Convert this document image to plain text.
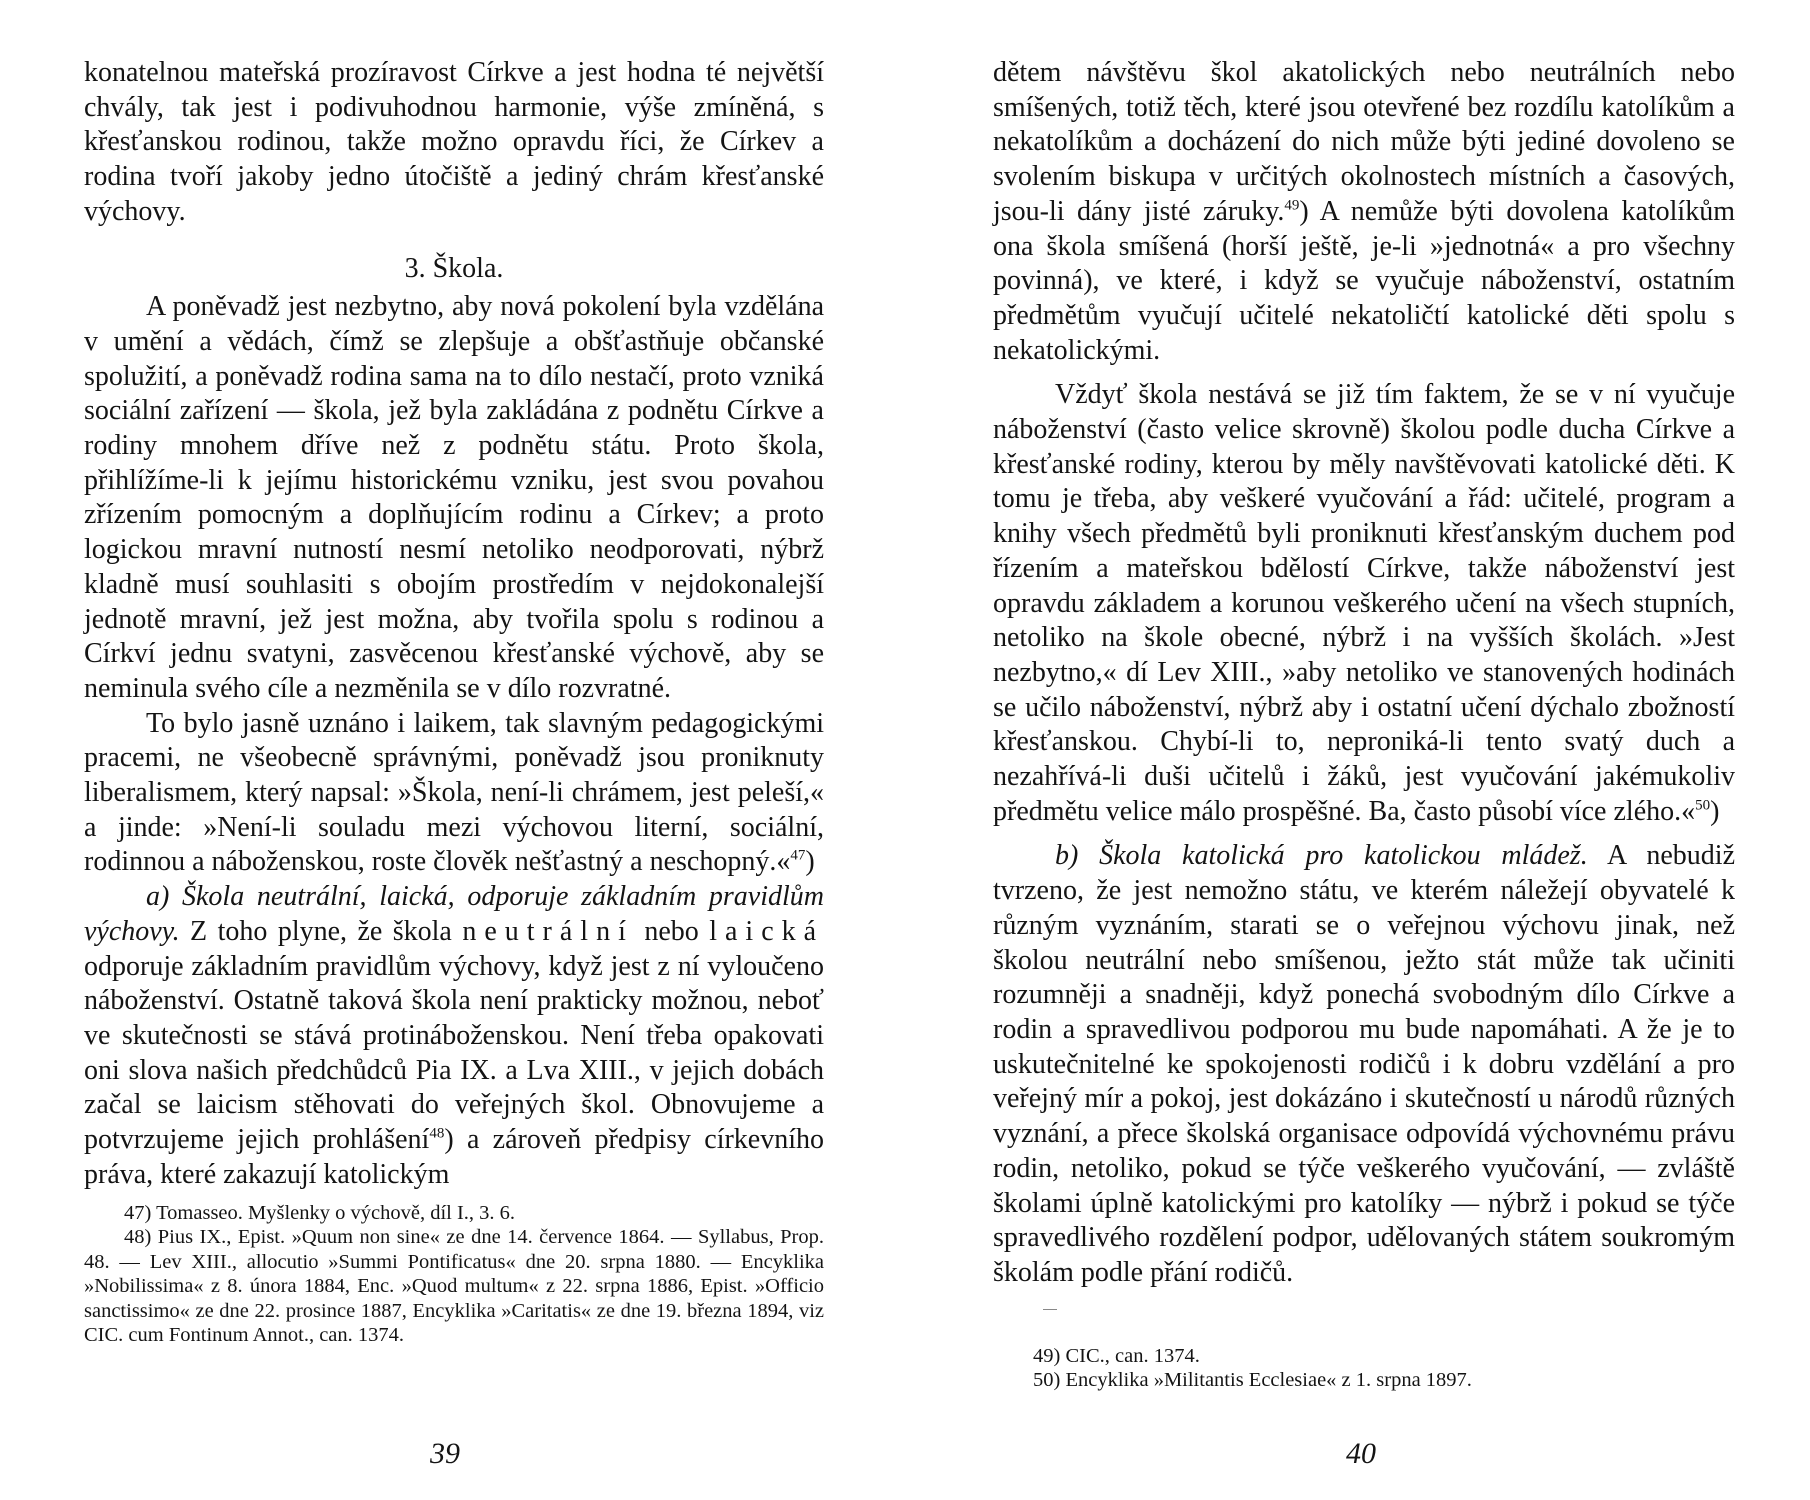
konatelnou mateřská prozíravost Církve a jest hodna té největší chvály, tak jest i podivuhodnou harmonie, výše zmíněná, s křesťanskou rodinou, takže možno opravdu říci, že Církev a rodina tvoří jakoby jedno útočiště a jediný chrám křesťanské výchovy.

3. Škola.

A poněvadž jest nezbytno, aby nová pokolení byla vzdělána v umění a vědách, čímž se zlepšuje a obšťastňuje občanské spolužití, a poněvadž rodina sama na to dílo nestačí, proto vzniká sociální zařízení — škola, jež byla zakládána z podnětu Církve a rodiny mnohem dříve než z podnětu státu. Proto škola, přihlížíme-li k jejímu historickému vzniku, jest svou povahou zřízením pomocným a doplňujícím rodinu a Církev; a proto logickou mravní nutností nesmí netoliko neodporovati, nýbrž kladně musí souhlasiti s obojím prostředím v nejdokonalejší jednotě mravní, jež jest možna, aby tvořila spolu s rodinou a Církví jednu svatyni, zasvěcenou křesťanské výchově, aby se neminula svého cíle a nezměnila se v dílo rozvratné.

To bylo jasně uznáno i laikem, tak slavným pedagogickými pracemi, ne všeobecně správnými, poněvadž jsou proniknuty liberalismem, který napsal: »Škola, není-li chrámem, jest peleší,« a jinde: »Není-li souladu mezi výchovou literní, sociální, rodinnou a náboženskou, roste člověk nešťastný a neschopný.«$^{47}$)

a) Škola neutrální, laická, odporuje základním pravidlům výchovy. Z toho plyne, že škola neutrální nebo laická odporuje základním pravidlům výchovy, když jest z ní vyloučeno náboženství. Ostatně taková škola není prakticky možnou, neboť ve skutečnosti se stává protináboženskou. Není třeba opakovati oni slova našich předchůdců Pia IX. a Lva XIII., v jejich dobách začal se laicism stěhovati do veřejných škol. Obnovujeme a potvrzujeme jejich prohlášení$^{48}$) a zároveň předpisy církevního práva, které zakazují katolickým

47) Tomasseo. Myšlenky o výchově, díl I., 3. 6.

48) Pius IX., Epist. »Quum non sine« ze dne 14. července 1864. — Syllabus, Prop. 48. — Lev XIII., allocutio »Summi Pontificatus« dne 20. srpna 1880. — Encyklika »Nobilissima« z 8. února 1884, Enc. »Quod multum« z 22. srpna 1886, Epist. »Officio sanctissimo« ze dne 22. prosince 1887, Encyklika »Caritatis« ze dne 19. března 1894, viz CIC. cum Fontinum Annot., can. 1374.

39

dětem návštěvu škol akatolických nebo neutrálních nebo smíšených, totiž těch, které jsou otevřené bez rozdílu katolíkům a nekatolíkům a docházení do nich může býti jediné dovoleno se svolením biskupa v určitých okolnostech místních a časových, jsou-li dány jisté záruky.$^{49}$) A nemůže býti dovolena katolíkům ona škola smíšená (horší ještě, je-li »jednotná« a pro všechny povinná), ve které, i když se vyučuje náboženství, ostatním předmětům vyučují učitelé nekatoličtí katolické děti spolu s nekatolickými.

Vždyť škola nestává se již tím faktem, že se v ní vyučuje náboženství (často velice skrovně) školou podle ducha Církve a křesťanské rodiny, kterou by měly navštěvovati katolické děti. K tomu je třeba, aby veškeré vyučování a řád: učitelé, program a knihy všech předmětů byli proniknuti křesťanským duchem pod řízením a mateřskou bdělostí Církve, takže náboženství jest opravdu základem a korunou veškerého učení na všech stupních, netoliko na škole obecné, nýbrž i na vyšších školách. »Jest nezbytno,« dí Lev XIII., »aby netoliko ve stanovených hodinách se učilo náboženství, nýbrž aby i ostatní učení dýchalo zbožností křesťanskou. Chybí-li to, neproniká-li tento svatý duch a nezahřívá-li duši učitelů i žáků, jest vyučování jakémukoliv předmětu velice málo prospěšné. Ba, často působí více zlého.«$^{50}$)

b) Škola katolická pro katolickou mládež. A nebudiž tvrzeno, že jest nemožno státu, ve kterém náležejí obyvatelé k různým vyznáním, starati se o veřejnou výchovu jinak, než školou neutrální nebo smíšenou, ježto stát může tak učiniti rozumněji a snadněji, když ponechá svobodným dílo Církve a rodin a spravedlivou podporou mu bude napomáhati. A že je to uskutečnitelné ke spokojenosti rodičů i k dobru vzdělání a pro veřejný mír a pokoj, jest dokázáno i skutečností u národů různých vyznání, a přece školská organisace odpovídá výchovnému právu rodin, netoliko, pokud se týče veškerého vyučování, — zvláště školami úplně katolickými pro katolíky — nýbrž i pokud se týče spravedlivého rozdělení podpor, udělovaných státem soukromým školám podle přání rodičů.

49) CIC., can. 1374.

50) Encyklika »Militantis Ecclesiae« z 1. srpna 1897.

40
